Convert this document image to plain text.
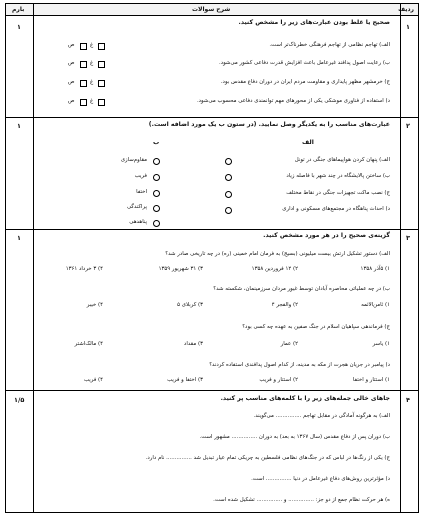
بارم	شرح سوالات	ردیف
۱	۱
صحیح یا غلط بودن عبارت‌های زیر را مشخص کنید.
الف) تهاجم نظامی از تهاجم فرهنگی خطرناک‌تر است.
ب) رعایت اصول پدافند غیرعامل باعث افزایش قدرت دفاعی کشور می‌شود.
ج) خرمشهر مظهر پایداری و مقاومت مردم ایران در دوران دفاع مقدس بود.
د) استفاده از فناوری موشکی یکی از محورهای مهم توانمندی دفاعی محسوب می‌شود.
ص	غ
ص	غ
ص	غ
ص	غ
۱	۲
عبارت‌های مناسب را به یکدیگر وصل نمایید. (در ستون ب یک مورد اضافه است.)
الف
ب
الف) پنهان کردن هواپیماهای جنگی در تونل
ب) ساختن پالایشگاه در چند شهر با فاصله زیاد
ج) نصب ماکت تجهیزات جنگی در نقاط مختلف
د) احداث پناهگاه در مجتمع‌های مسکونی و اداری
مقاوم‌سازی
فریب
اختفا
پراکندگی
پناهدهی
۱	۳
گزینه‌ی صحیح را در هر مورد مشخص کنید.
الف) دستور تشکیل ارتش بیست میلیونی (بسیج) به فرمان امام خمینی (ره) در چه تاریخی صادر شد؟
۱) ۵آذر ۱۳۵۸
۲) ۱۲ فروردین ۱۳۵۸
۳) ۳۱ شهریور ۱۳۵۹
۴) ۳ خرداد ۱۳۶۱
ب) در چه عملیاتی محاصره آبادان توسط غیور مردان سرزمینمان، شکسته شد؟
۱) ثامن‌الائمه
۲) والفجر ۴
۳) کربلای ۵
۴) خیبر
ج) فرماندهی سپاهیان اسلام در جنگ صفین به عهده چه کسی بود؟
۱) یاسر
۲) عمار
۳) مقداد
۴) مالک‌اشتر
د) پیامبر در جریان هجرت از مکه به مدینه، از کدام اصول پدافندی استفاده کردند؟
۱) استتار و اختفا
۲) استتار و فریب
۳) اختفا و فریب
۴) فریب
۱/۵	۴
جاهای خالی جمله‌های زیر را با کلمه‌های مناسب پر کنید.
الف) به هرگونه آمادگی در مقابل تهاجم ............... می‌گویند.
ب) دوران پس از دفاع مقدس (سال ۱۳۶۷ به بعد) به دوران ............... مشهور است.
ج) یکی از رنگ‌ها در لباس که در جنگ‌های نظامی فلسطین به چریکی تمام عیار تبدیل شد ............... نام دارد.
د) مؤثرترین روش‌های دفاع غیرعامل در دنیا ............... است.
ه) هر حرکت نظام جمع از دو جز: ............... و ............... تشکیل شده است.
